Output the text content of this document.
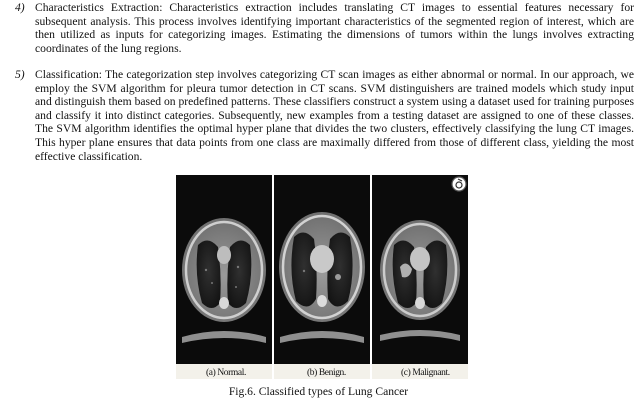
4) Characteristics Extraction: Characteristics extraction includes translating CT images to essential features necessary for subsequent analysis. This process involves identifying important characteristics of the segmented region of interest, which are then utilized as inputs for categorizing images. Estimating the dimensions of tumors within the lungs involves extracting coordinates of the lung regions.
5) Classification: The categorization step involves categorizing CT scan images as either abnormal or normal. In our approach, we employ the SVM algorithm for pleura tumor detection in CT scans. SVM distinguishers are trained models which study input and distinguish them based on predefined patterns. These classifiers construct a system using a dataset used for training purposes and classify it into distinct categories. Subsequently, new examples from a testing dataset are assigned to one of these classes. The SVM algorithm identifies the optimal hyper plane that divides the two clusters, effectively classifying the lung CT images. This hyper plane ensures that data points from one class are maximally differed from those of different class, yielding the most effective classification.
(a) Normal.	(b) Benign.	(c) Malignant.
Fig.6. Classified types of Lung Cancer
